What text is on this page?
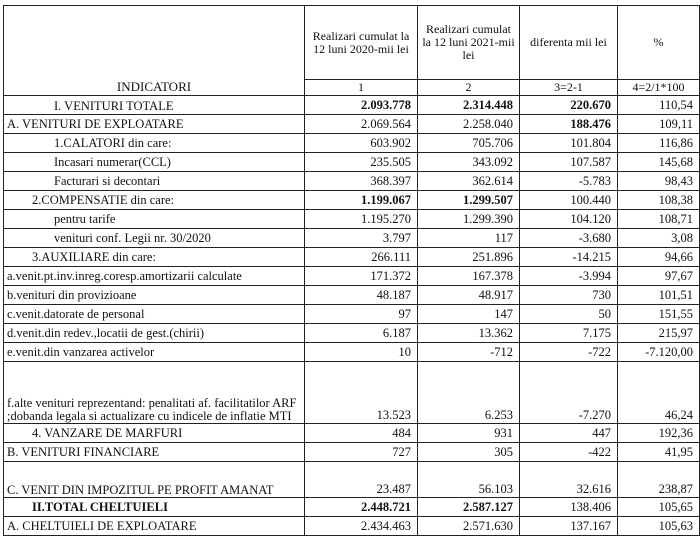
INDICATORI	Realizari cumulat la 12 luni 2020-mii lei	Realizari cumulat la 12 luni 2021-mii lei	diferenta mii lei	%
	1	2	3=2-1	4=2/1*100
I. VENITURI TOTALE	2.093.778	2.314.448	220.670	110,54
A. VENITURI DE EXPLOATARE	2.069.564	2.258.040	188.476	109,11
1.CALATORI din care:	603.902	705.706	101.804	116,86
Incasari numerar(CCL)	235.505	343.092	107.587	145,68
Facturari si decontari	368.397	362.614	-5.783	98,43
2.COMPENSATIE din care:	1.199.067	1.299.507	100.440	108,38
pentru tarife	1.195.270	1.299.390	104.120	108,71
venituri conf. Legii nr. 30/2020	3.797	117	-3.680	3,08
3.AUXILIARE din care:	266.111	251.896	-14.215	94,66
a.venit.pt.inv.inreg.coresp.amortizarii calculate	171.372	167.378	-3.994	97,67
b.venituri din provizioane	48.187	48.917	730	101,51
c.venit.datorate de personal	97	147	50	151,55
d.venit.din redev.,locatii de gest.(chirii)	6.187	13.362	7.175	215,97
e.venit.din vanzarea activelor	10	-712	-722	-7.120,00
f.alte venituri reprezentand: penalitati af. facilitatilor ARF ;dobanda legala si actualizare cu indicele de inflatie MTI	13.523	6.253	-7.270	46,24
4. VANZARE DE MARFURI	484	931	447	192,36
B. VENITURI FINANCIARE	727	305	-422	41,95
C. VENIT DIN IMPOZITUL PE PROFIT AMANAT	23.487	56.103	32.616	238,87
II.TOTAL CHELTUIELI	2.448.721	2.587.127	138.406	105,65
A. CHELTUIELI DE EXPLOATARE	2.434.463	2.571.630	137.167	105,63
